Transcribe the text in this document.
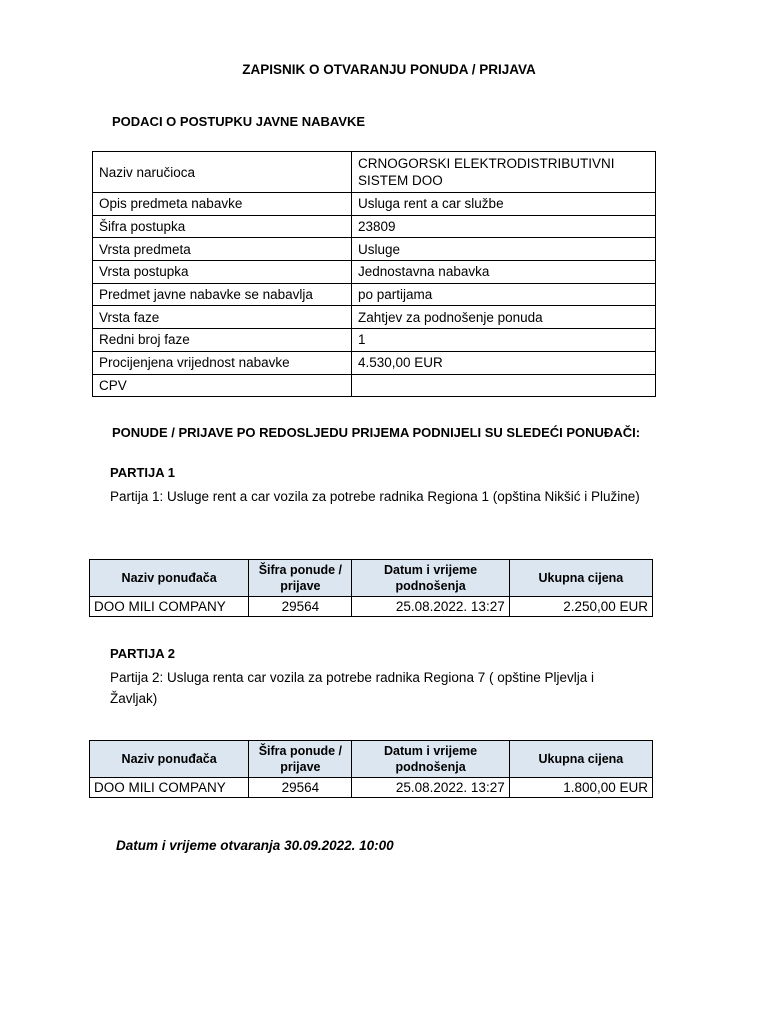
ZAPISNIK O OTVARANJU PONUDA / PRIJAVA
PODACI O POSTUPKU JAVNE NABAVKE
Naziv naručioca	CRNOGORSKI ELEKTRODISTRIBUTIVNI SISTEM DOO
Opis predmeta nabavke	Usluga rent a car službe
Šifra postupka	23809
Vrsta predmeta	Usluge
Vrsta postupka	Jednostavna nabavka
Predmet javne nabavke se nabavlja	po partijama
Vrsta faze	Zahtjev za podnošenje ponuda
Redni broj faze	1
Procijenjena vrijednost nabavke	4.530,00 EUR
CPV	
PONUDE / PRIJAVE PO REDOSLJEDU PRIJEMA PODNIJELI SU SLEDEĆI PONUĐAČI:
PARTIJA 1
Partija 1: Usluge rent a car vozila za potrebe radnika Regiona 1 (opština Nikšić i Plužine)
Naziv ponuđača	Šifra ponude / prijave	Datum i vrijeme podnošenja	Ukupna cijena
DOO MILI COMPANY	29564	25.08.2022. 13:27	2.250,00 EUR
PARTIJA 2
Partija 2: Usluga renta car vozila za potrebe radnika Regiona 7 ( opštine Pljevlja i Žavljak)
Naziv ponuđača	Šifra ponude / prijave	Datum i vrijeme podnošenja	Ukupna cijena
DOO MILI COMPANY	29564	25.08.2022. 13:27	1.800,00 EUR
Datum i vrijeme otvaranja 30.09.2022. 10:00
